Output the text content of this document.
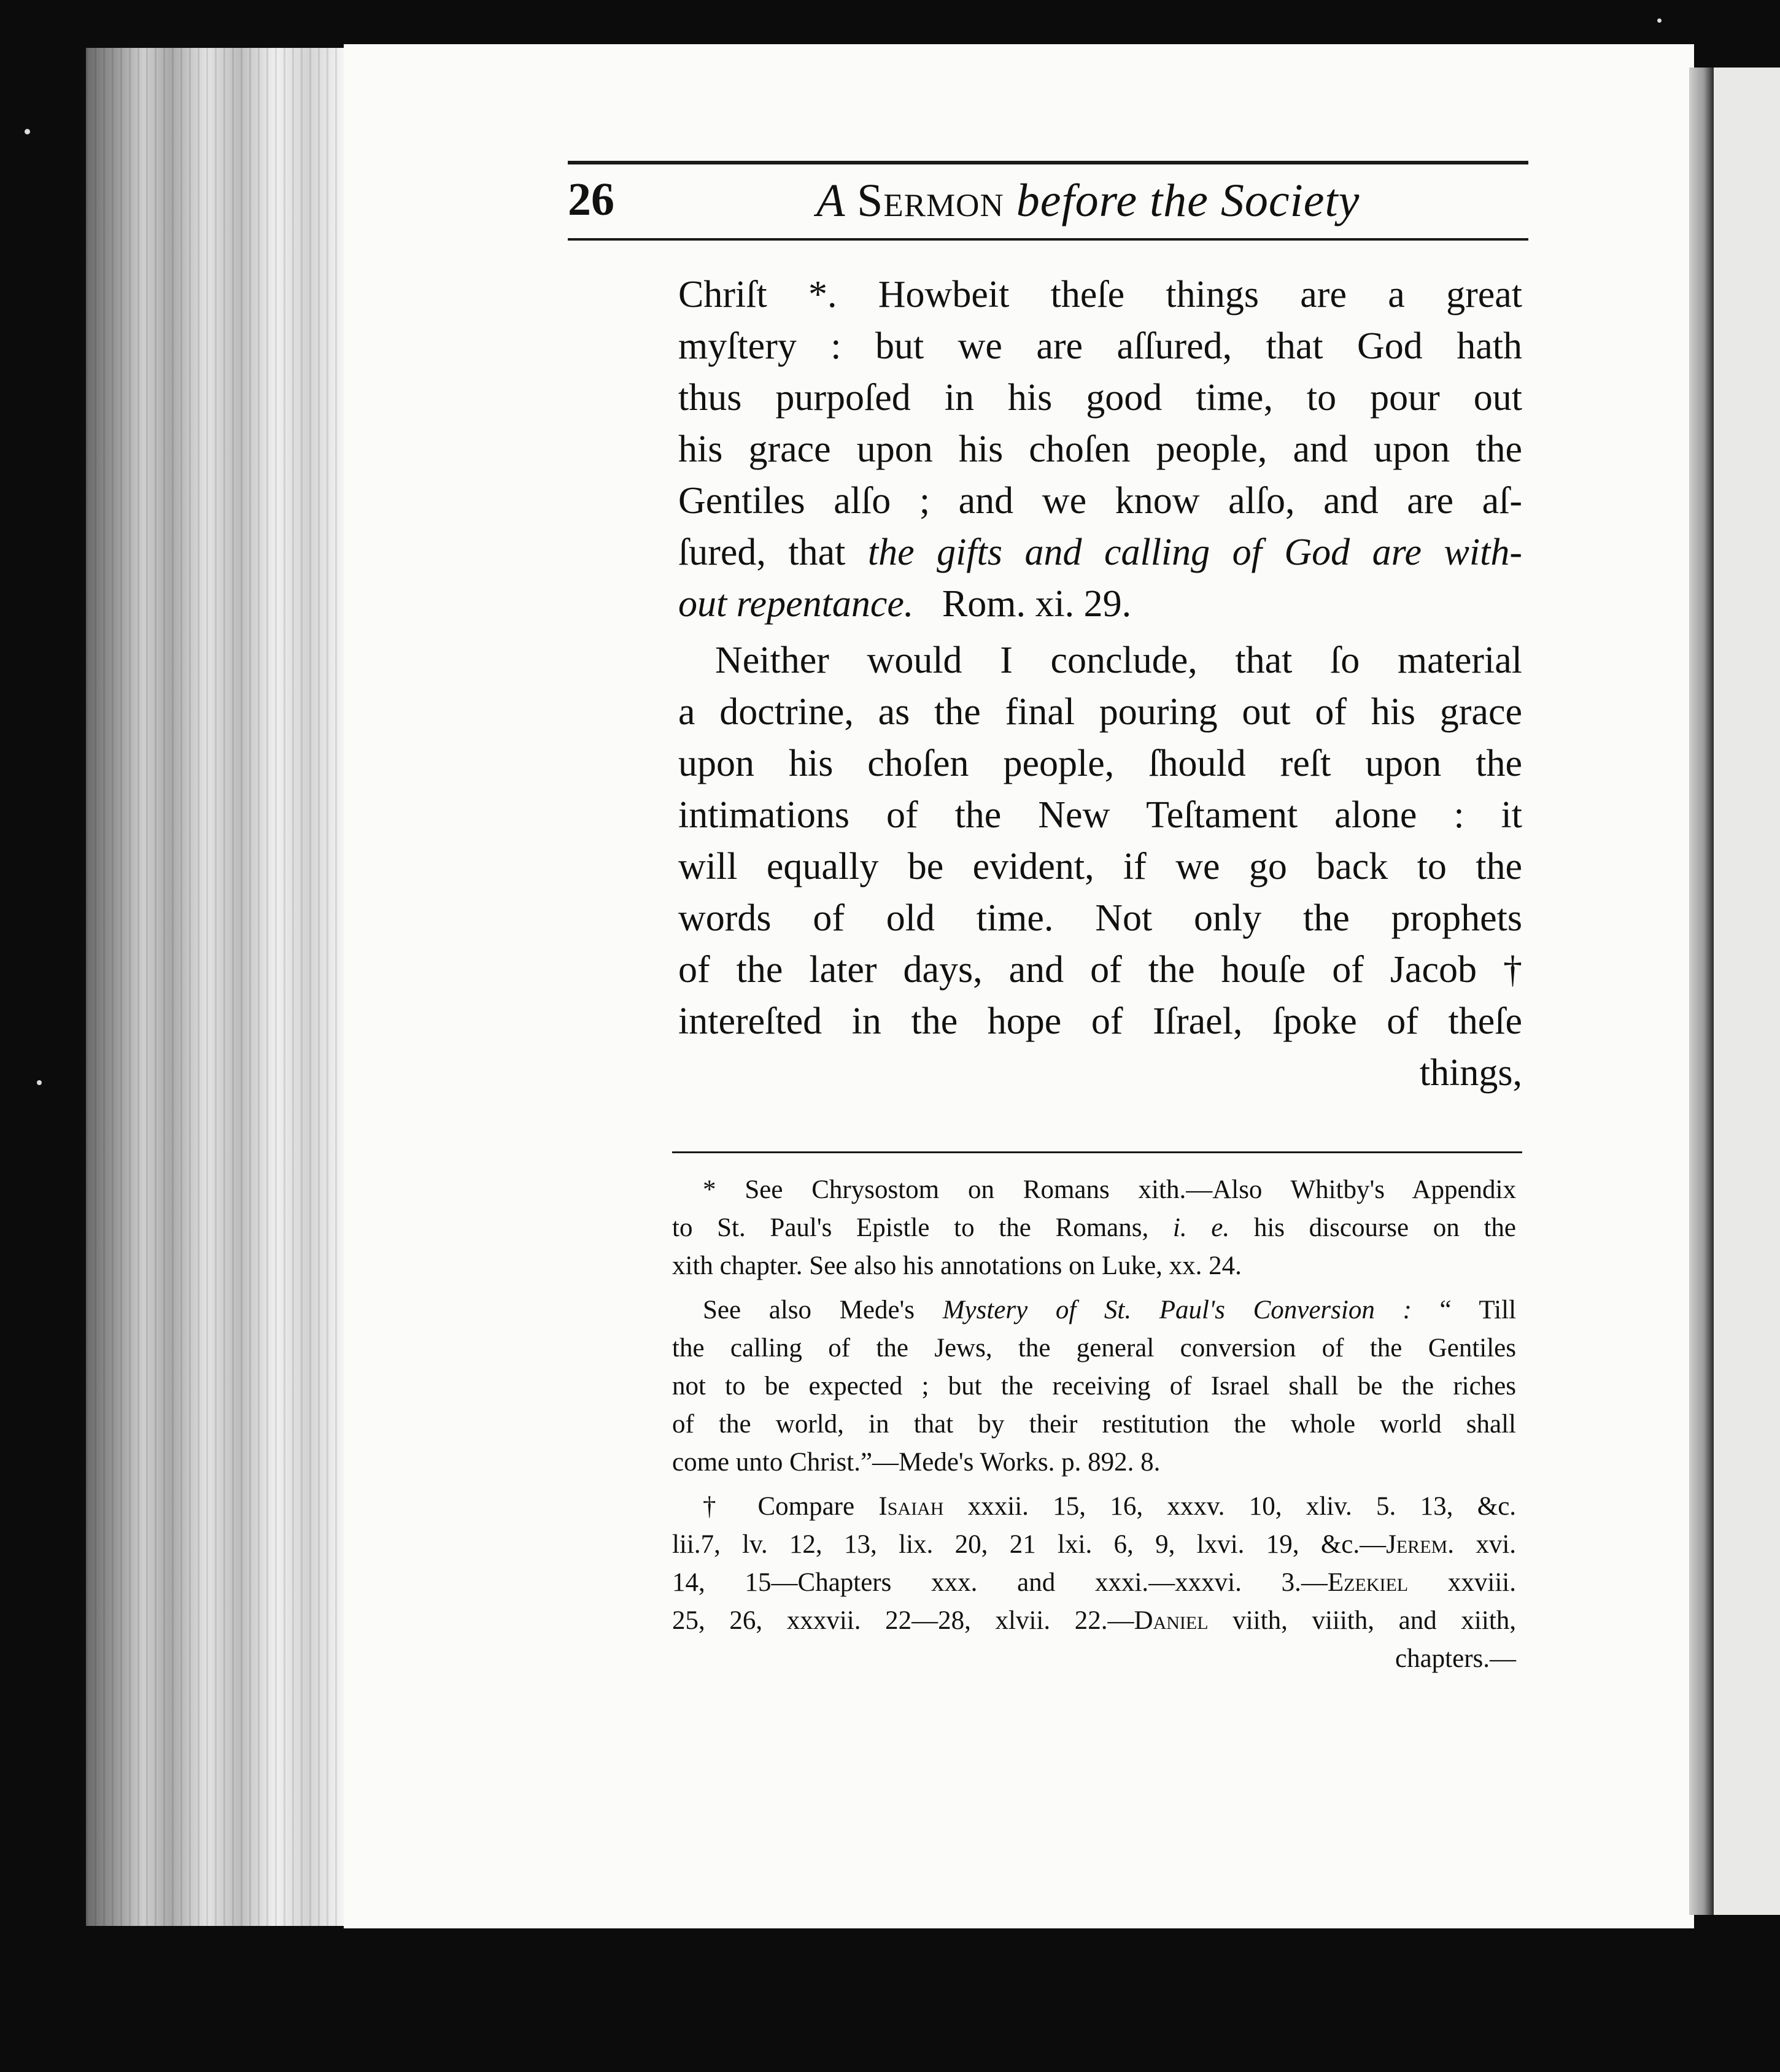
26	A Sermon before the Society
Chriſt *. Howbeit theſe things are a great
myſtery : but we are aſſured, that God hath
thus purpoſed in his good time, to pour out
his grace upon his choſen people, and upon the
Gentiles alſo ; and we know alſo, and are aſ-
ſured, that the gifts and calling of God are with-
out repentance. Rom. xi. 29.
Neither would I conclude, that ſo material
a doctrine, as the final pouring out of his grace
upon his choſen people, ſhould reſt upon the
intimations of the New Teſtament alone : it
will equally be evident, if we go back to the
words of old time. Not only the prophets
of the later days, and of the houſe of Jacob †
intereſted in the hope of Iſrael, ſpoke of theſe
things,
* See Chrysostom on Romans xith.—Also Whitby's Appendix
to St. Paul's Epistle to the Romans, i. e. his discourse on the
xith chapter. See also his annotations on Luke, xx. 24.
See also Mede's Mystery of St. Paul's Conversion : “ Till
the calling of the Jews, the general conversion of the Gentiles
not to be expected ; but the receiving of Israel shall be the riches
of the world, in that by their restitution the whole world shall
come unto Christ.”—Mede's Works. p. 892. 8.
† Compare Isaiah xxxii. 15, 16, xxxv. 10, xliv. 5. 13, &c.
lii.7, lv. 12, 13, lix. 20, 21 lxi. 6, 9, lxvi. 19, &c.—Jerem. xvi.
14, 15—Chapters xxx. and xxxi.—xxxvi. 3.—Ezekiel xxviii.
25, 26, xxxvii. 22—28, xlvii. 22.—Daniel viith, viiith, and xiith,
chapters.—
